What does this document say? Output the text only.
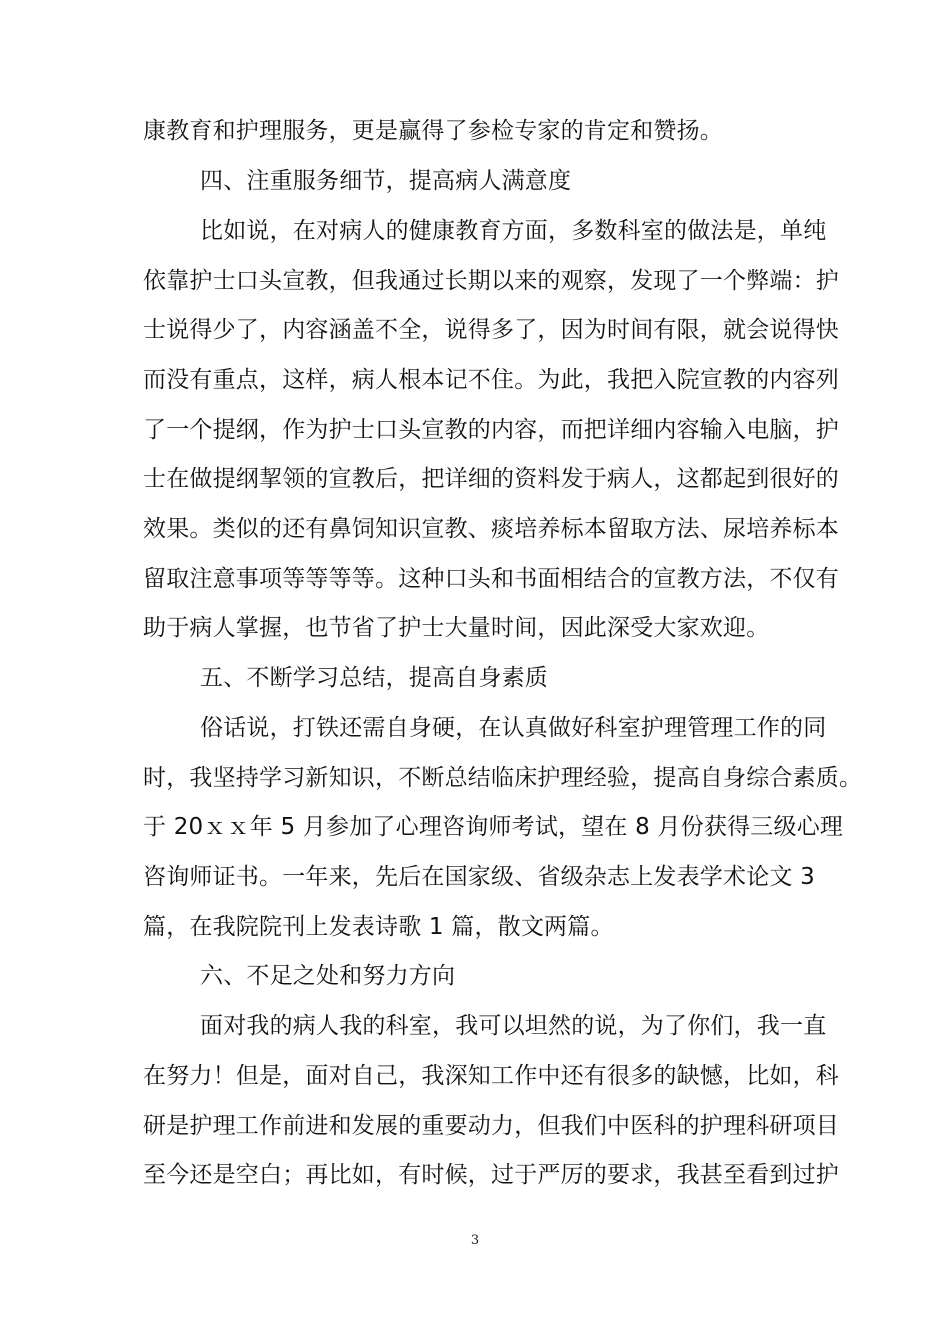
康教育和护理服务，更是赢得了参检专家的肯定和赞扬。
四、注重服务细节，提高病人满意度
比如说，在对病人的健康教育方面，多数科室的做法是，单纯
依靠护士口头宣教，但我通过长期以来的观察，发现了一个弊端：护
士说得少了，内容涵盖不全，说得多了，因为时间有限，就会说得快
而没有重点，这样，病人根本记不住。为此，我把入院宣教的内容列
了一个提纲，作为护士口头宣教的内容，而把详细内容输入电脑，护
士在做提纲挈领的宣教后，把详细的资料发于病人，这都起到很好的
效果。类似的还有鼻饲知识宣教、痰培养标本留取方法、尿培养标本
留取注意事项等等等等。这种口头和书面相结合的宣教方法，不仅有
助于病人掌握，也节省了护士大量时间，因此深受大家欢迎。
五、不断学习总结，提高自身素质
俗话说，打铁还需自身硬，在认真做好科室护理管理工作的同
时，我坚持学习新知识，不断总结临床护理经验，提高自身综合素质。
于 20ｘｘ年 5 月参加了心理咨询师考试，望在 8 月份获得三级心理
咨询师证书。一年来，先后在国家级、省级杂志上发表学术论文 3
篇，在我院院刊上发表诗歌 1 篇，散文两篇。
六、不足之处和努力方向
面对我的病人我的科室，我可以坦然的说，为了你们，我一直
在努力！但是，面对自己，我深知工作中还有很多的缺憾，比如，科
研是护理工作前进和发展的重要动力，但我们中医科的护理科研项目
至今还是空白；再比如，有时候，过于严厉的要求，我甚至看到过护
3
